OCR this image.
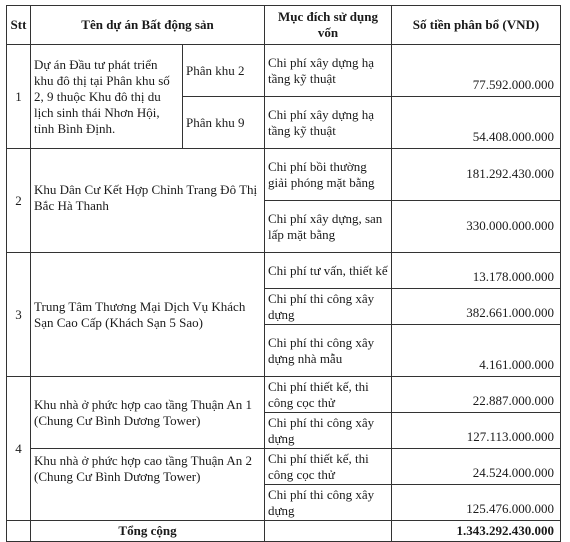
Stt	Tên dự án Bất động sản		Mục đích sử dụng vốn	Số tiền phân bổ (VND)
1	Dự án Đầu tư phát triển khu đô thị tại Phân khu số 2, 9 thuộc Khu đô thị du lịch sinh thái Nhơn Hội, tỉnh Bình Định.	Phân khu 2	Chi phí xây dựng hạ tầng kỹ thuật	77.592.000.000
		Phân khu 9	Chi phí xây dựng hạ tầng kỹ thuật	54.408.000.000
2	Khu Dân Cư Kết Hợp Chỉnh Trang Đô Thị Bắc Hà Thanh		Chi phí bồi thường giải phóng mặt bằng	181.292.430.000
			Chi phí xây dựng, san lấp mặt bằng	330.000.000.000
3	Trung Tâm Thương Mại Dịch Vụ Khách Sạn Cao Cấp (Khách Sạn 5 Sao)		Chi phí tư vấn, thiết kế	13.178.000.000
			Chi phí thi công xây dựng	382.661.000.000
			Chi phí thi công xây dựng nhà mẫu	4.161.000.000
4	Khu nhà ở phức hợp cao tầng Thuận An 1 (Chung Cư Bình Dương Tower)		Chi phí thiết kế, thi công cọc thử	22.887.000.000
			Chi phí thi công xây dựng	127.113.000.000
	Khu nhà ở phức hợp cao tầng Thuận An 2 (Chung Cư Bình Dương Tower)		Chi phí thiết kế, thi công cọc thử	24.524.000.000
			Chi phí thi công xây dựng	125.476.000.000
	Tổng cộng			1.343.292.430.000
